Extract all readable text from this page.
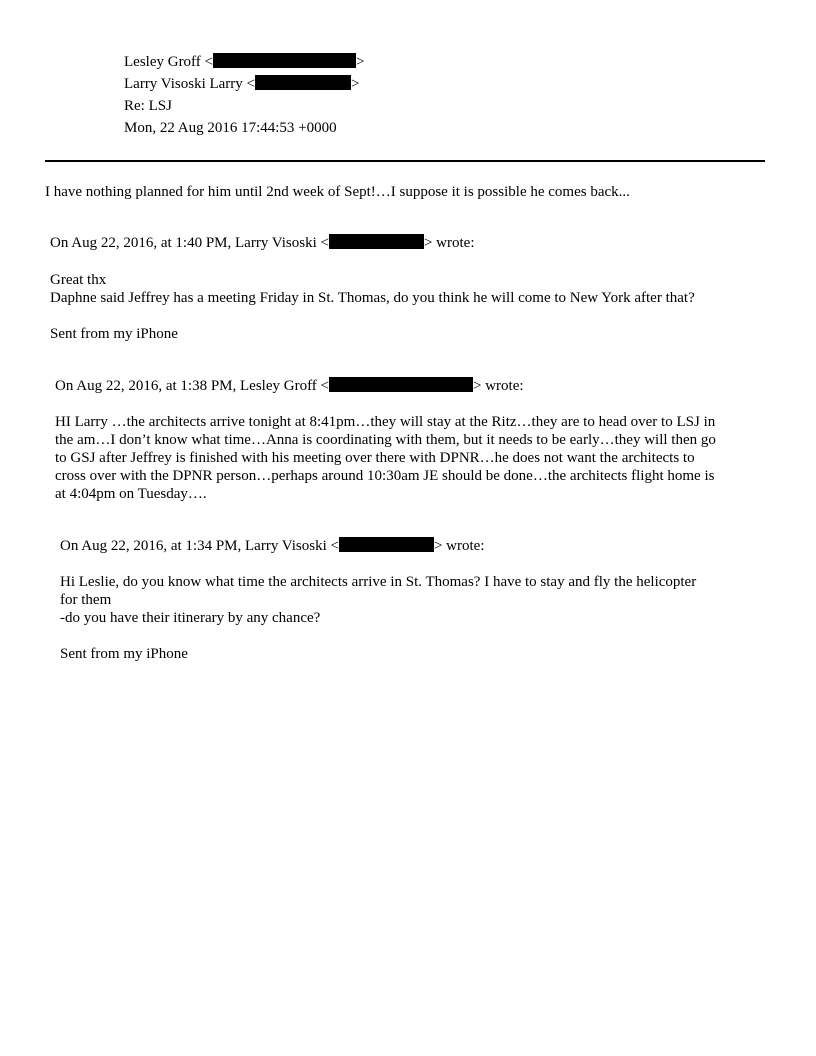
Lesley Groff <	>
Larry Visoski Larry <	>
Re: LSJ
Mon, 22 Aug 2016 17:44:53 +0000
I have nothing planned for him until 2nd week of Sept!…I suppose it is possible he comes back...
On Aug 22, 2016, at 1:40 PM, Larry Visoski <	> wrote:
Great thx
Daphne said Jeffrey has a meeting Friday in St. Thomas, do you think he will come to New York after that?
Sent from my iPhone
On Aug 22, 2016, at 1:38 PM, Lesley Groff <	> wrote:
HI Larry …the architects arrive tonight at 8:41pm…they will stay at the Ritz…they are to head over to LSJ in
the am…I don’t know what time…Anna is coordinating with them, but it needs to be early…they will then go
to GSJ after Jeffrey is finished with his meeting over there with DPNR…he does not want the architects to
cross over with the DPNR person…perhaps around 10:30am JE should be done…the architects flight home is
at 4:04pm on Tuesday….
On Aug 22, 2016, at 1:34 PM, Larry Visoski <	> wrote:
Hi Leslie, do you know what time the architects arrive in St. Thomas? I have to stay and fly the helicopter
for them
-do you have their itinerary by any chance?
Sent from my iPhone
